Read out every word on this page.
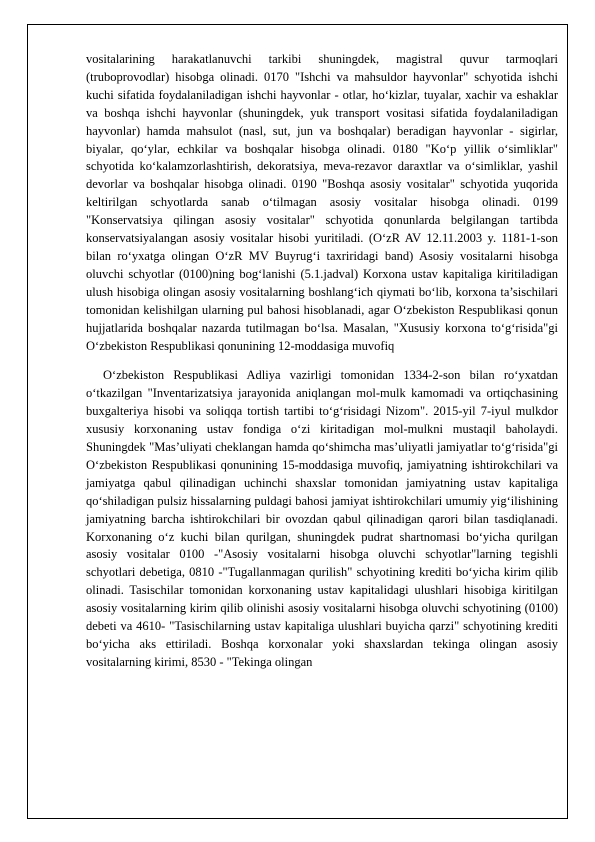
vositalarining harakatlanuvchi tarkibi shuningdek, magistral quvur tarmoqlari (truboprovodlar) hisobga olinadi. 0170 "Ishchi va mahsuldor hayvonlar" schyotida ishchi kuchi sifatida foydalaniladigan ishchi hayvonlar - otlar, ho‘kizlar, tuyalar, xachir va eshaklar va boshqa ishchi hayvonlar (shuningdek, yuk transport vositasi sifatida foydalaniladigan hayvonlar) hamda mahsulot (nasl, sut, jun va boshqalar) beradigan hayvonlar - sigirlar, biyalar, qo‘ylar, echkilar va boshqalar hisobga olinadi. 0180 "Ko‘p yillik o‘simliklar" schyotida ko‘kalamzorlashtirish, dekoratsiya, meva-rezavor daraxtlar va o‘simliklar, yashil devorlar va boshqalar hisobga olinadi. 0190 "Boshqa asosiy vositalar" schyotida yuqorida keltirilgan schyotlarda sanab o‘tilmagan asosiy vositalar hisobga olinadi. 0199 "Konservatsiya qilingan asosiy vositalar" schyotida qonunlarda belgilangan tartibda konservatsiyalangan asosiy vositalar hisobi yuritiladi. (O‘zR AV 12.11.2003 y. 1181-1-son bilan ro‘yxatga olingan O‘zR MV Buyrug‘i taxriridagi band) Asosiy vositalarni hisobga oluvchi schyotlar (0100)ning bog‘lanishi (5.1.jadval) Korxona ustav kapitaliga kiritiladigan ulush hisobiga olingan asosiy vositalarning boshlang‘ich qiymati bo‘lib, korxona ta’sischilari tomonidan kelishilgan ularning pul bahosi hisoblanadi, agar O‘zbekiston Respublikasi qonun hujjatlarida boshqalar nazarda tutilmagan bo‘lsa. Masalan, "Xususiy korxona to‘g‘risida"gi O‘zbekiston Respublikasi qonunining 12-moddasiga muvofiq

O‘zbekiston Respublikasi Adliya vazirligi tomonidan 1334-2-son bilan ro‘yxatdan o‘tkazilgan "Inventarizatsiya jarayonida aniqlangan mol-mulk kamomadi va ortiqchasining buxgalteriya hisobi va soliqqa tortish tartibi to‘g‘risidagi Nizom". 2015-yil 7-iyul mulkdor xususiy korxonaning ustav fondiga o‘zi kiritadigan mol-mulkni mustaqil baholaydi. Shuningdek "Mas’uliyati cheklangan hamda qo‘shimcha mas’uliyatli jamiyatlar to‘g‘risida"gi O‘zbekiston Respublikasi qonunining 15-moddasiga muvofiq, jamiyatning ishtirokchilari va jamiyatga qabul qilinadigan uchinchi shaxslar tomonidan jamiyatning ustav kapitaliga qo‘shiladigan pulsiz hissalarning puldagi bahosi jamiyat ishtirokchilari umumiy yig‘ilishining jamiyatning barcha ishtirokchilari bir ovozdan qabul qilinadigan qarori bilan tasdiqlanadi. Korxonaning o‘z kuchi bilan qurilgan, shuningdek pudrat shartnomasi bo‘yicha qurilgan asosiy vositalar 0100 -"Asosiy vositalarni hisobga oluvchi schyotlar"larning tegishli schyotlari debetiga, 0810 -"Tugallanmagan qurilish" schyotining krediti bo‘yicha kirim qilib olinadi. Tasischilar tomonidan korxonaning ustav kapitalidagi ulushlari hisobiga kiritilgan asosiy vositalarning kirim qilib olinishi asosiy vositalarni hisobga oluvchi schyotining (0100) debeti va 4610- "Tasischilarning ustav kapitaliga ulushlari buyicha qarzi" schyotining krediti bo‘yicha aks ettiriladi. Boshqa korxonalar yoki shaxslardan tekinga olingan asosiy vositalarning kirimi, 8530 - "Tekinga olingan
